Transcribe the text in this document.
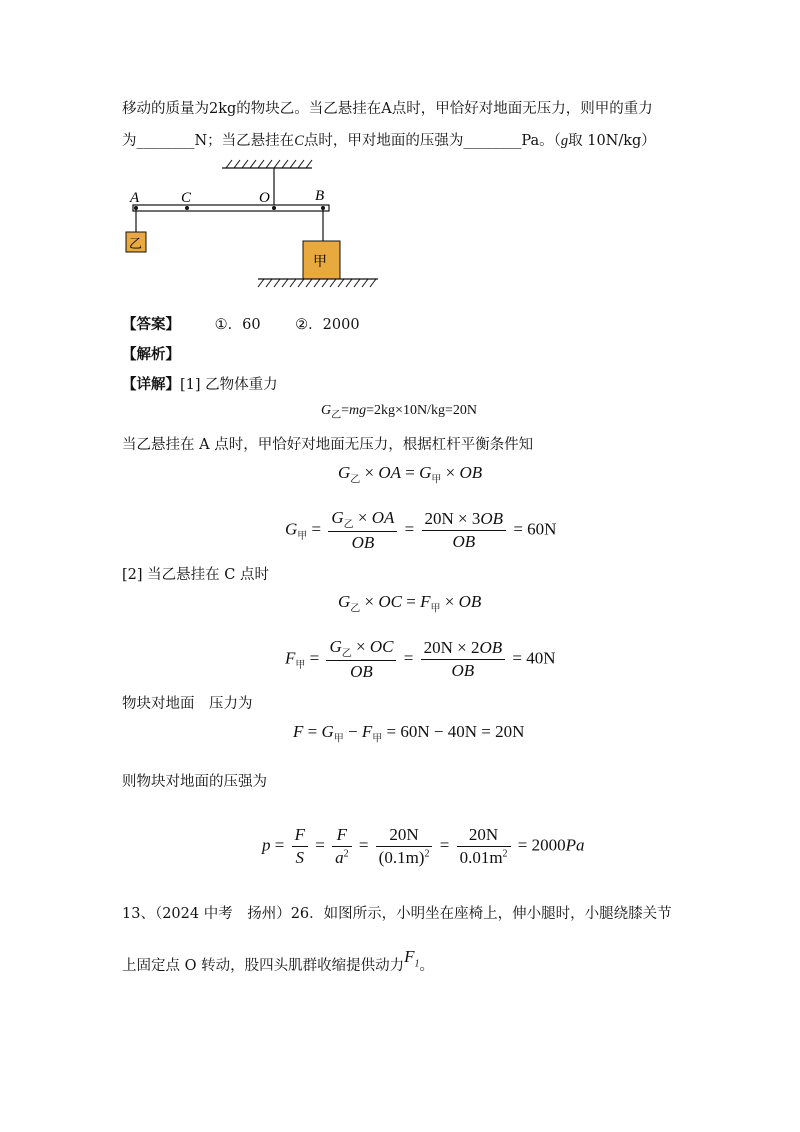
移动的质量为2kg的物块乙。当乙悬挂在A点时，甲恰好对地面无压力，则甲的重力
为________N；当乙悬挂在C点时，甲对地面的压强为________Pa。（g取 10N/kg）
A	C	O	B
乙
甲
【答案】 ①．60 ②．2000
【解析】
【详解】[1] 乙物体重力
$G_乙=mg=2kg\times 10N/kg=20N$
当乙悬挂在 A 点时，甲恰好对地面无压力，根据杠杆平衡条件知
$G_乙$ × OA = $G_甲$ × OB
$G_甲 = \frac{G_乙 \times OA}{OB} = \frac{20N \times 3OB}{OB} = 60N$
[2] 当乙悬挂在 C 点时
$G_乙$ × OC = $F_甲$ × OB
$F_甲 = \frac{G_乙 \times OC}{OB} = \frac{20N \times 2OB}{OB} = 40N$
物块对地面　压力为
$F = G_甲 - F_甲 = 60N - 40N = 20N$
则物块对地面的压强为
$p = \frac{F}{S} = \frac{F}{a^2} = \frac{20N}{(0.1m)^2} = \frac{20N}{0.01m^2} = 2000Pa$
13、（2024 中考　扬州）26．如图所示，小明坐在座椅上，伸小腿时，小腿绕膝关节
上固定点 O 转动，股四头肌群收缩提供动力$F_1$。
